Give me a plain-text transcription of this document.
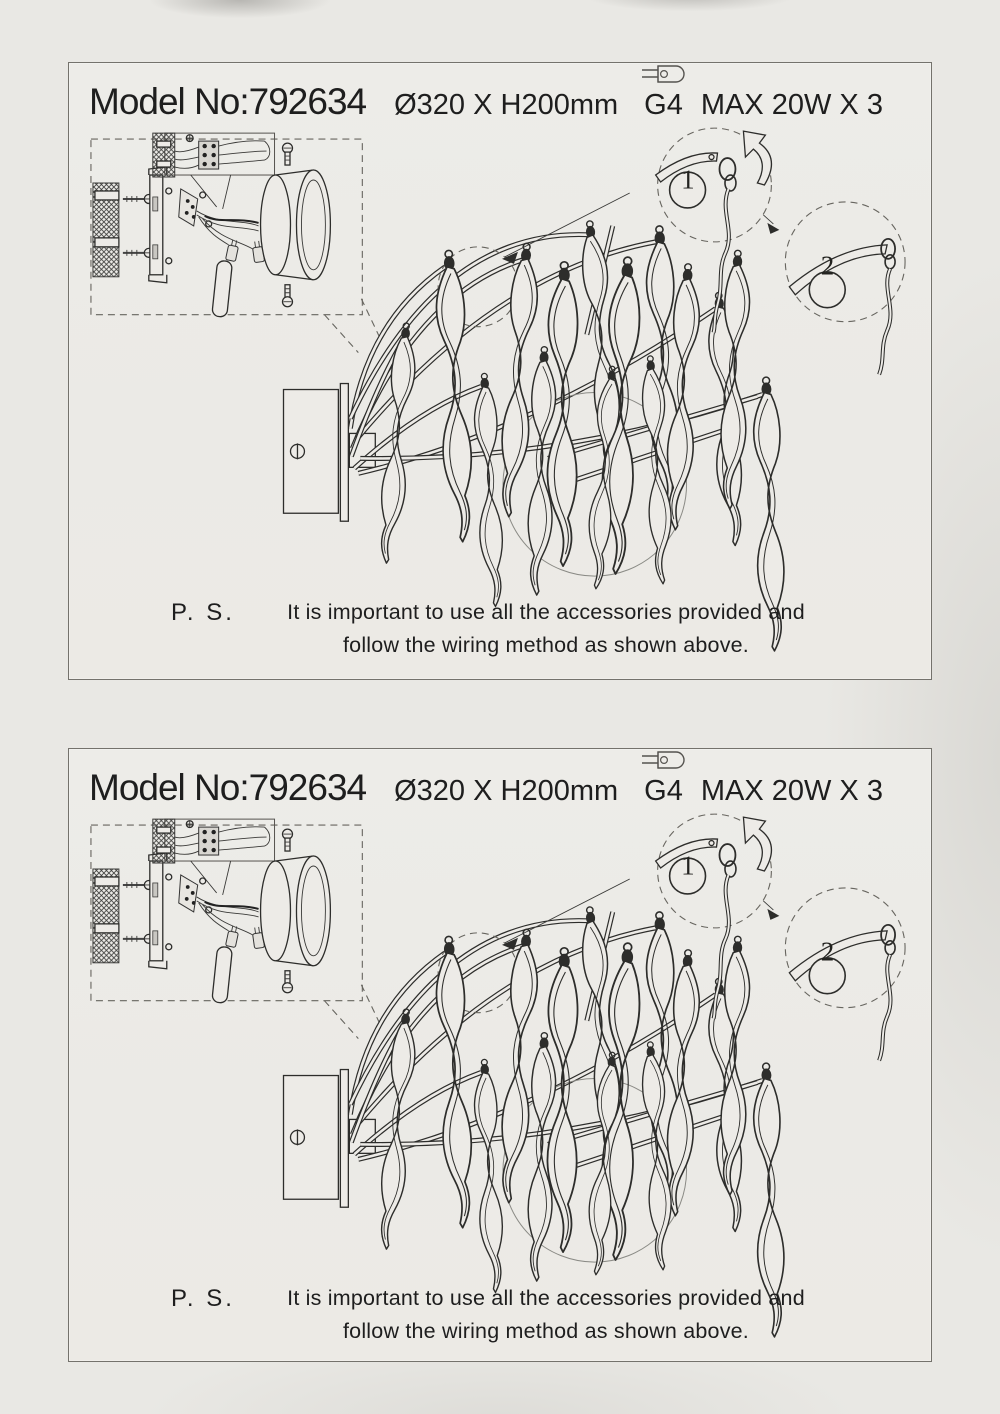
Model No:792634 Ø320 X H200mm G4 MAX 20W X 3
1
2
P. S.	It is important to use all the accessories provided and
follow the wiring method as shown above.
Model No:792634 Ø320 X H200mm G4 MAX 20W X 3
1
2
P. S.	It is important to use all the accessories provided and
follow the wiring method as shown above.
